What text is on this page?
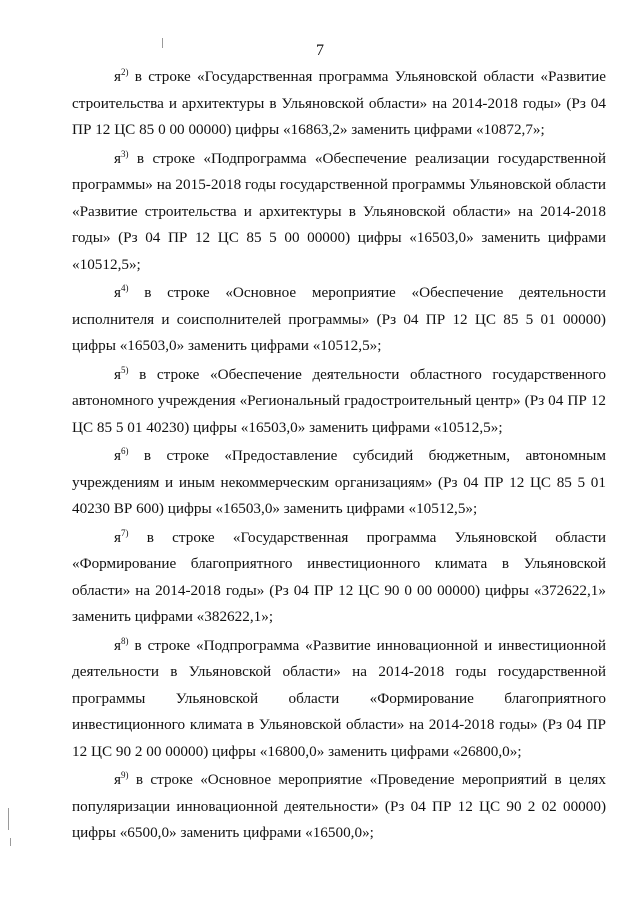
7

$я^{2)}$ в строке «Государственная программа Ульяновской области «Развитие строительства и архитектуры в Ульяновской области» на 2014-2018 годы» (Рз 04 ПР 12 ЦС 85 0 00 00000) цифры «16863,2» заменить цифрами «10872,7»;

$я^{3)}$ в строке «Подпрограмма «Обеспечение реализации государственной программы» на 2015-2018 годы государственной программы Ульяновской области «Развитие строительства и архитектуры в Ульяновской области» на 2014-2018 годы» (Рз 04 ПР 12 ЦС 85 5 00 00000) цифры «16503,0» заменить цифрами «10512,5»;

$я^{4)}$ в строке «Основное мероприятие «Обеспечение деятельности исполнителя и соисполнителей программы» (Рз 04 ПР 12 ЦС 85 5 01 00000) цифры «16503,0» заменить цифрами «10512,5»;

$я^{5)}$ в строке «Обеспечение деятельности областного государственного автономного учреждения «Региональный градостроительный центр» (Рз 04 ПР 12 ЦС 85 5 01 40230) цифры «16503,0» заменить цифрами «10512,5»;

$я^{6)}$ в строке «Предоставление субсидий бюджетным, автономным учреждениям и иным некоммерческим организациям» (Рз 04 ПР 12 ЦС 85 5 01 40230 ВР 600) цифры «16503,0» заменить цифрами «10512,5»;

$я^{7)}$ в строке «Государственная программа Ульяновской области «Формирование благоприятного инвестиционного климата в Ульяновской области» на 2014-2018 годы» (Рз 04 ПР 12 ЦС 90 0 00 00000) цифры «372622,1» заменить цифрами «382622,1»;

$я^{8)}$ в строке «Подпрограмма «Развитие инновационной и инвестиционной деятельности в Ульяновской области» на 2014-2018 годы государственной программы Ульяновской области «Формирование благоприятного инвестиционного климата в Ульяновской области» на 2014-2018 годы» (Рз 04 ПР 12 ЦС 90 2 00 00000) цифры «16800,0» заменить цифрами «26800,0»;

$я^{9)}$ в строке «Основное мероприятие «Проведение мероприятий в целях популяризации инновационной деятельности» (Рз 04 ПР 12 ЦС 90 2 02 00000) цифры «6500,0» заменить цифрами «16500,0»;
